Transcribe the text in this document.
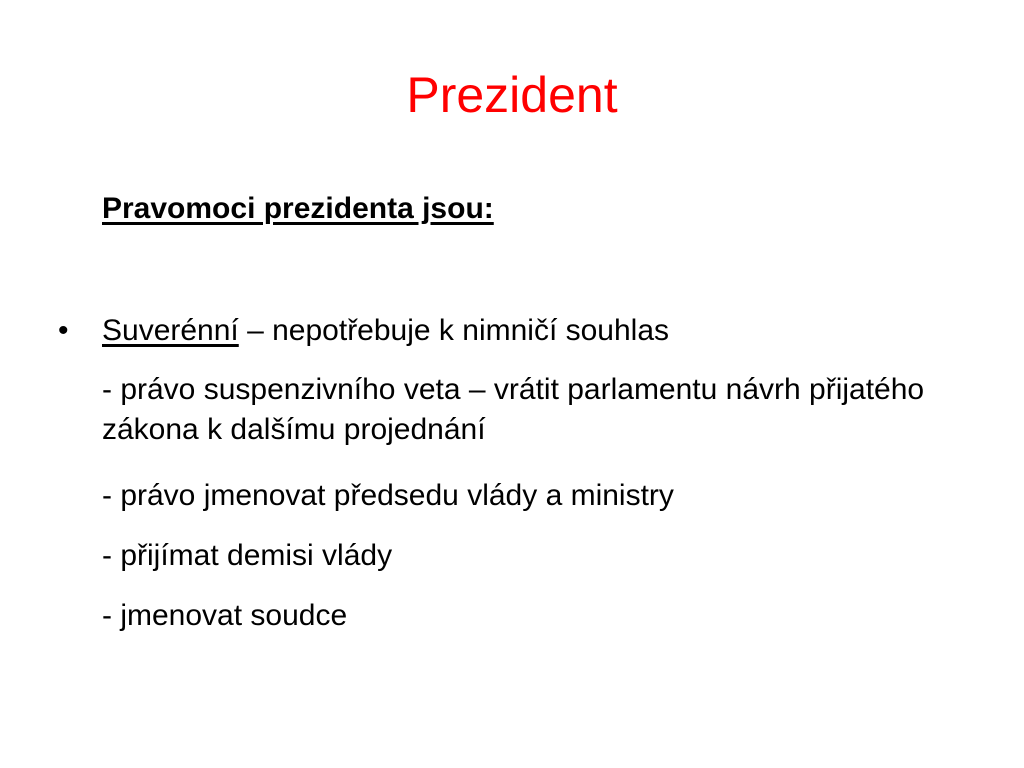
Prezident
Pravomoci prezidenta jsou:
• Suverénní – nepotřebuje k nimničí souhlas
- právo suspenzivního veta – vrátit parlamentu návrh přijatého zákona k dalšímu projednání
- právo jmenovat předsedu vlády a ministry
- přijímat demisi vlády
- jmenovat soudce
